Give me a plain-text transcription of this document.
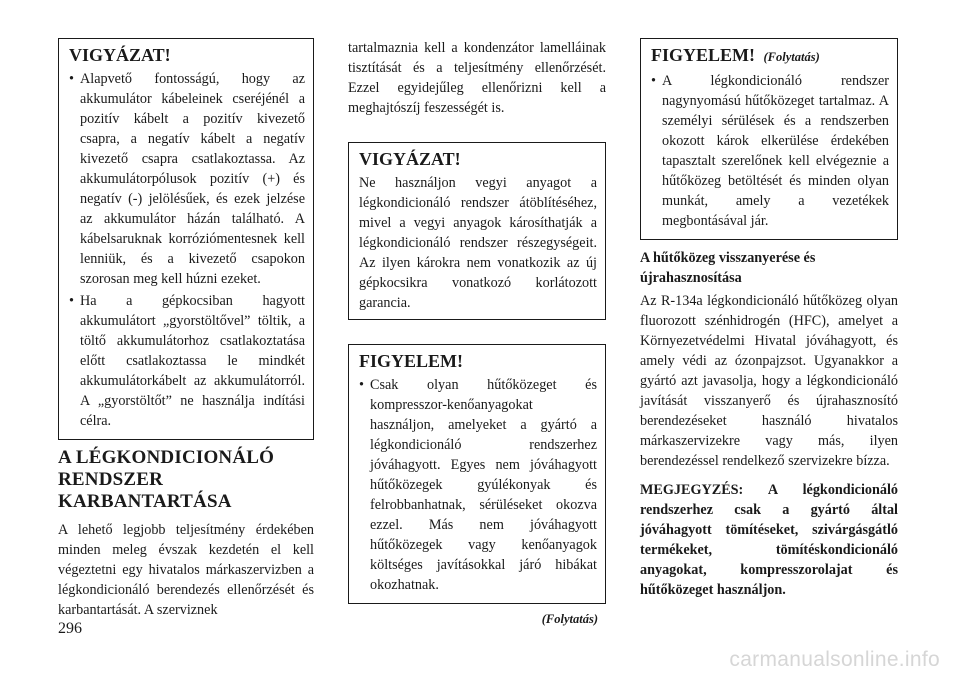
VIGYÁZAT!
• Alapvető fontosságú, hogy az akkumulátor kábeleinek cseréjénél a pozitív kábelt a pozitív kivezető csapra, a negatív kábelt a negatív kivezető csapra csatlakoztassa. Az akkumulátorpólusok pozitív (+) és negatív (-) jelölésűek, és ezek jelzése az akkumulátor házán található. A kábelsaruknak korróziómentesnek kell lenniük, és a kivezető csapokon szorosan meg kell húzni ezeket.
• Ha a gépkocsiban hagyott akkumulátort „gyorstöltővel” töltik, a töltő akkumulátorhoz csatlakoztatása előtt csatlakoztassa le mindkét akkumulátorkábelt az akkumulátorról. A „gyorstöltőt” ne használja indítási célra.
A LÉGKONDICIONÁLÓ
RENDSZER
KARBANTARTÁSA
A lehető legjobb teljesítmény érdekében minden meleg évszak kezdetén el kell végeztetni egy hivatalos márkaszervizben a légkondicionáló berendezés ellenőrzését és karbantartását. A szerviznek
tartalmaznia kell a kondenzátor lamelláinak tisztítását és a teljesítmény ellenőrzését. Ezzel egyidejűleg ellenőrizni kell a meghajtószíj feszességét is.
VIGYÁZAT!
Ne használjon vegyi anyagot a légkondicionáló rendszer átöblítéséhez, mivel a vegyi anyagok károsíthatják a légkondicionáló rendszer részegységeit. Az ilyen károkra nem vonatkozik az új gépkocsikra vonatkozó korlátozott garancia.
FIGYELEM!
• Csak olyan hűtőközeget és kompresszor-kenőanyagokat használjon, amelyeket a gyártó a légkondicionáló rendszerhez jóváhagyott. Egyes nem jóváhagyott hűtőközegek gyúlékonyak és felrobbanhatnak, sérüléseket okozva ezzel. Más nem jóváhagyott hűtőközegek vagy kenőanyagok költséges javításokkal járó hibákat okozhatnak.
(Folytatás)
FIGYELEM! (Folytatás)
• A légkondicionáló rendszer nagynyomású hűtőközeget tartalmaz. A személyi sérülések és a rendszerben okozott károk elkerülése érdekében tapasztalt szerelőnek kell elvégeznie a hűtőközeg betöltését és minden olyan munkát, amely a vezetékek megbontásával jár.
A hűtőközeg visszanyerése és
újrahasznosítása
Az R-134a légkondicionáló hűtőközeg olyan fluorozott szénhidrogén (HFC), amelyet a Környezetvédelmi Hivatal jóváhagyott, és amely védi az ózonpajzsot. Ugyanakkor a gyártó azt javasolja, hogy a légkondicionáló javítását visszanyerő és újrahasznosító berendezéseket használó hivatalos márkaszervizekre vagy más, ilyen berendezéssel rendelkező szervizekre bízza.
MEGJEGYZÉS: A légkondicionáló rendszerhez csak a gyártó által jóváhagyott tömítéseket, szivárgásgátló termékeket, tömítéskondicionáló anyagokat, kompresszorolajat és hűtőközeget használjon.
296
carmanualsonline.info
